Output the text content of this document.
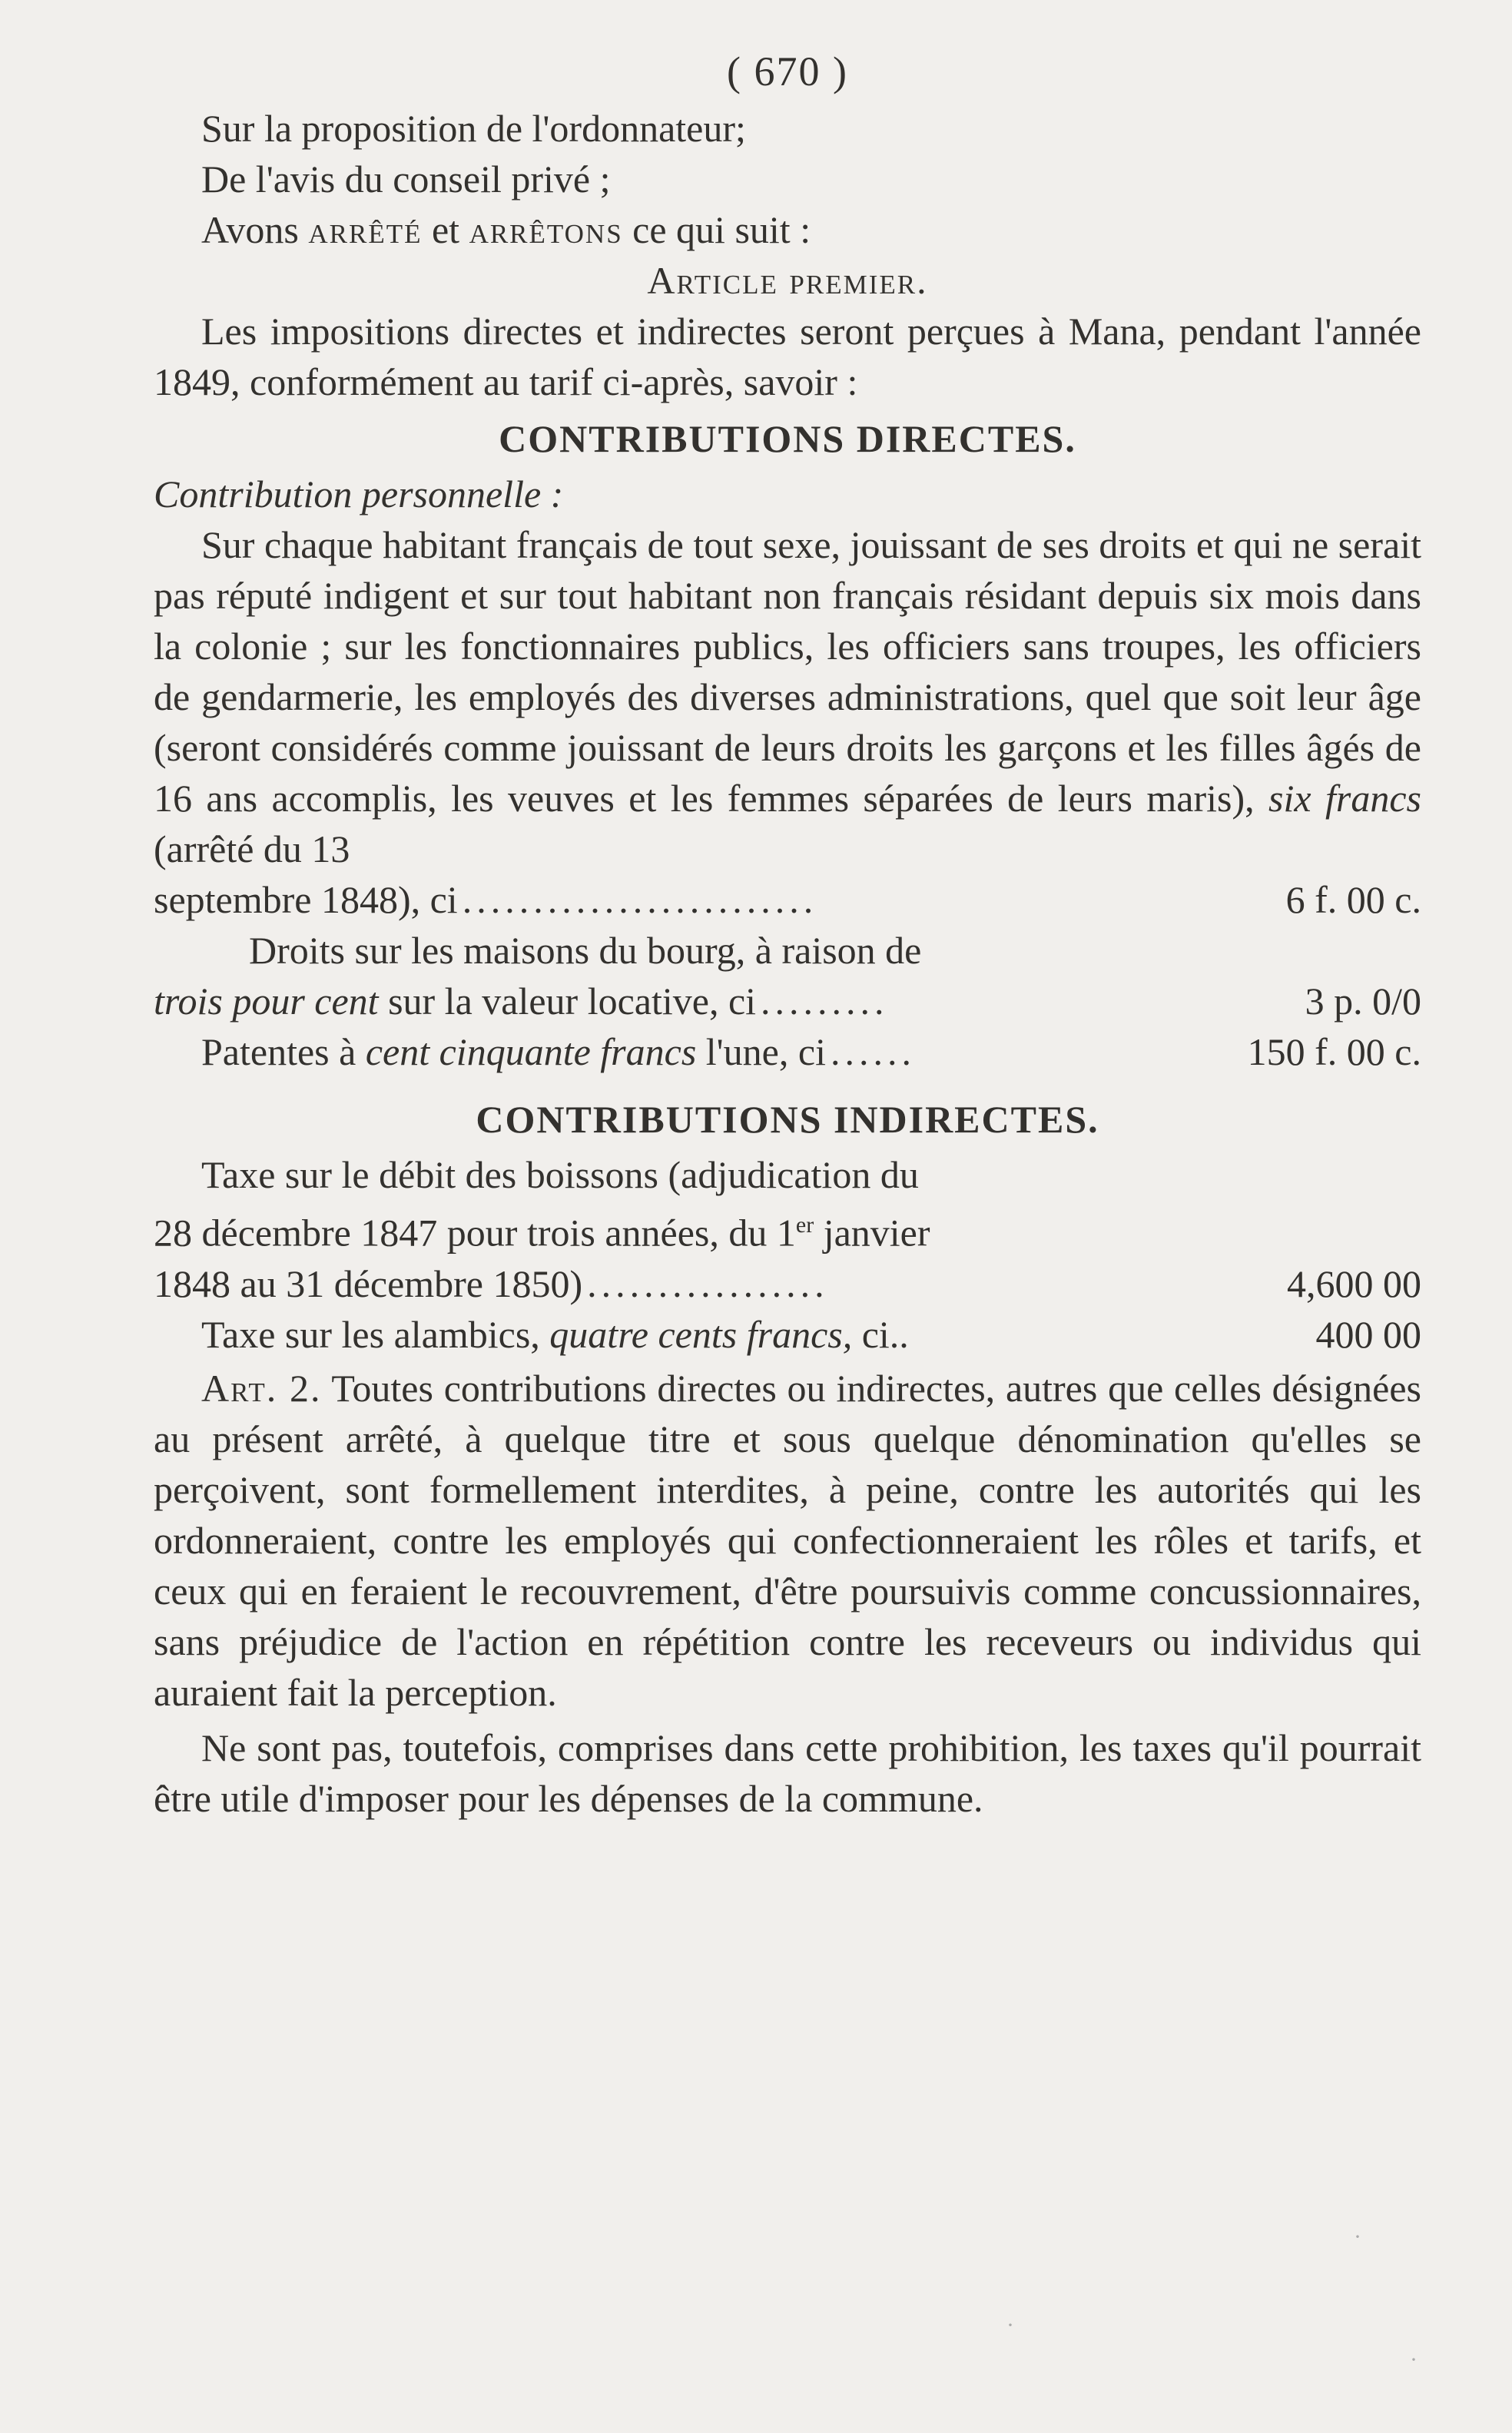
( 670 )

Sur la proposition de l'ordonnateur;

De l'avis du conseil privé ;

Avons arrêté et arrêtons ce qui suit :

Article premier.

Les impositions directes et indirectes seront perçues à Mana, pendant l'année 1849, conformément au tarif ci-après, savoir :

CONTRIBUTIONS DIRECTES.

Contribution personnelle :

Sur chaque habitant français de tout sexe, jouissant de ses droits et qui ne serait pas réputé indigent et sur tout habitant non français résidant depuis six mois dans la colonie ; sur les fonctionnaires publics, les officiers sans troupes, les officiers de gendarmerie, les employés des diverses administrations, quel que soit leur âge (seront considérés comme jouissant de leurs droits les garçons et les filles âgés de 16 ans accomplis, les veuves et les femmes séparées de leurs maris), six francs (arrêté du 13

septembre 1848), ci .........................	6 f. 00 c.
Droits sur les maisons du bourg, à raison de
trois pour cent sur la valeur locative, ci .........	3 p. 0/0
Patentes à cent cinquante francs l'une, ci ......	150 f. 00 c.

CONTRIBUTIONS INDIRECTES.

Taxe sur le débit des boissons (adjudication du
28 décembre 1847 pour trois années, du 1er janvier
1848 au 31 décembre 1850) .................	4,600 00
Taxe sur les alambics, quatre cents francs, ci..	400 00

Art. 2. Toutes contributions directes ou indirectes, autres que celles désignées au présent arrêté, à quelque titre et sous quelque dénomination qu'elles se perçoivent, sont formellement interdites, à peine, contre les autorités qui les ordonneraient, contre les employés qui confectionneraient les rôles et tarifs, et ceux qui en feraient le recouvrement, d'être poursuivis comme concussionnaires, sans préjudice de l'action en répétition contre les receveurs ou individus qui auraient fait la perception.

Ne sont pas, toutefois, comprises dans cette prohibition, les taxes qu'il pourrait être utile d'imposer pour les dépenses de la commune.

·
·
·
